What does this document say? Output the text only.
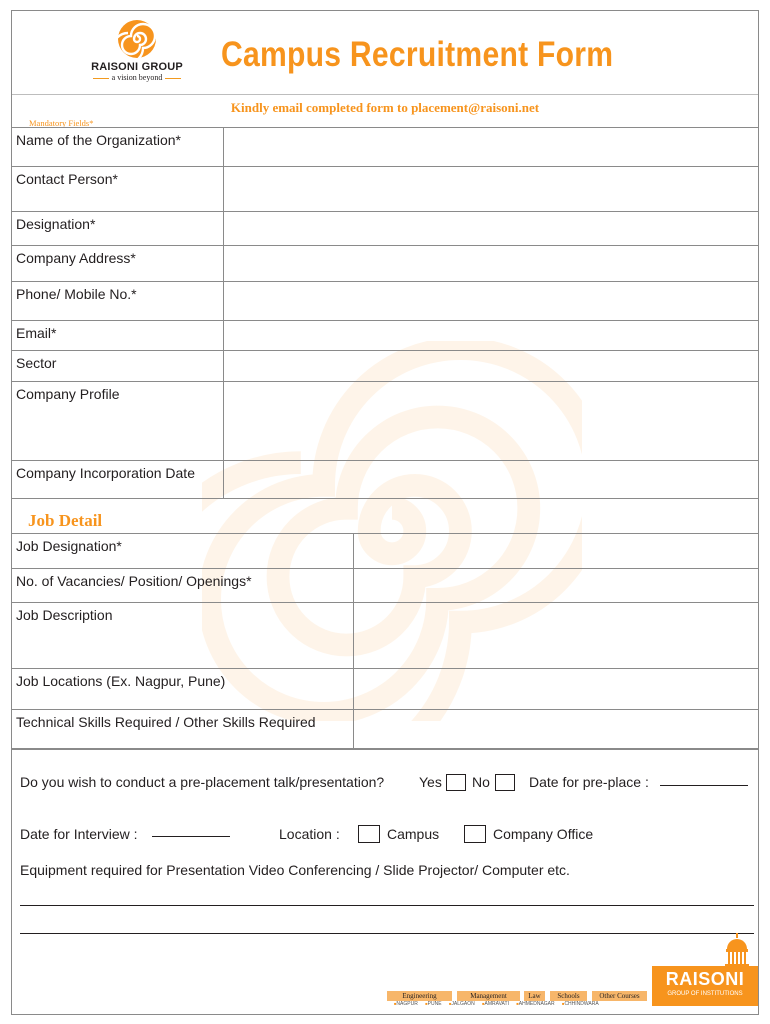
RAISONI GROUP
a vision beyond
Campus Recruitment Form
Kindly email completed form to placement@raisoni.net
Mandatory Fields*
Name of the Organization*	
Contact Person*	
Designation*	
Company Address*	
Phone/ Mobile No.*	
Email*	
Sector	
Company Profile	
Company Incorporation Date	
Job Detail
Job Designation*	
No. of Vacancies/ Position/ Openings*	
Job Description	
Job Locations (Ex. Nagpur, Pune)	
Technical Skills Required / Other Skills Required	
Do you wish to conduct a pre-placement talk/presentation? Yes No	Date for pre-place :
Date for Interview :	Location :	Campus	Company Office
Equipment required for Presentation Video Conferencing / Slide Projector/ Computer etc.
Engineering	Management	Law	Schools	Other Courses
■ NAGPUR ■ PUNE ■ JALGAON ■ AMRAVATI ■ AHMEDNAGAR ■ CHHINDWARA
RAISONI
GROUP OF INSTITUTIONS
